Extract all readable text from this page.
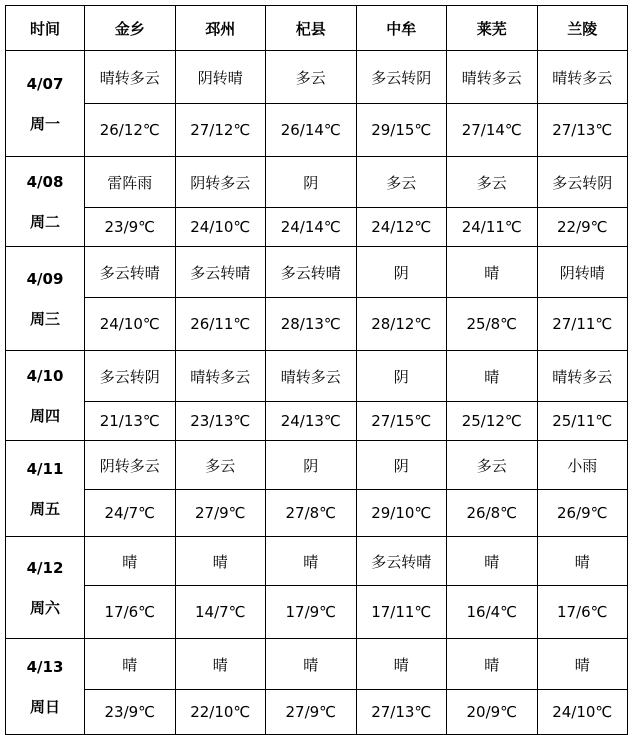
时间	金乡	邳州	杞县	中牟	莱芜	兰陵

4/07
周一	晴转多云	阴转晴	多云	多云转阴	晴转多云	晴转多云
	26/12℃	27/12℃	26/14℃	29/15℃	27/14℃	27/13℃

4/08
周二	雷阵雨	阴转多云	阴	多云	多云	多云转阴
	23/9℃	24/10℃	24/14℃	24/12℃	24/11℃	22/9℃

4/09
周三	多云转晴	多云转晴	多云转晴	阴	晴	阴转晴
	24/10℃	26/11℃	28/13℃	28/12℃	25/8℃	27/11℃

4/10
周四	多云转阴	晴转多云	晴转多云	阴	晴	晴转多云
	21/13℃	23/13℃	24/13℃	27/15℃	25/12℃	25/11℃

4/11
周五	阴转多云	多云	阴	阴	多云	小雨
	24/7℃	27/9℃	27/8℃	29/10℃	26/8℃	26/9℃

4/12
周六	晴	晴	晴	多云转晴	晴	晴
	17/6℃	14/7℃	17/9℃	17/11℃	16/4℃	17/6℃

4/13
周日	晴	晴	晴	晴	晴	晴
	23/9℃	22/10℃	27/9℃	27/13℃	20/9℃	24/10℃
